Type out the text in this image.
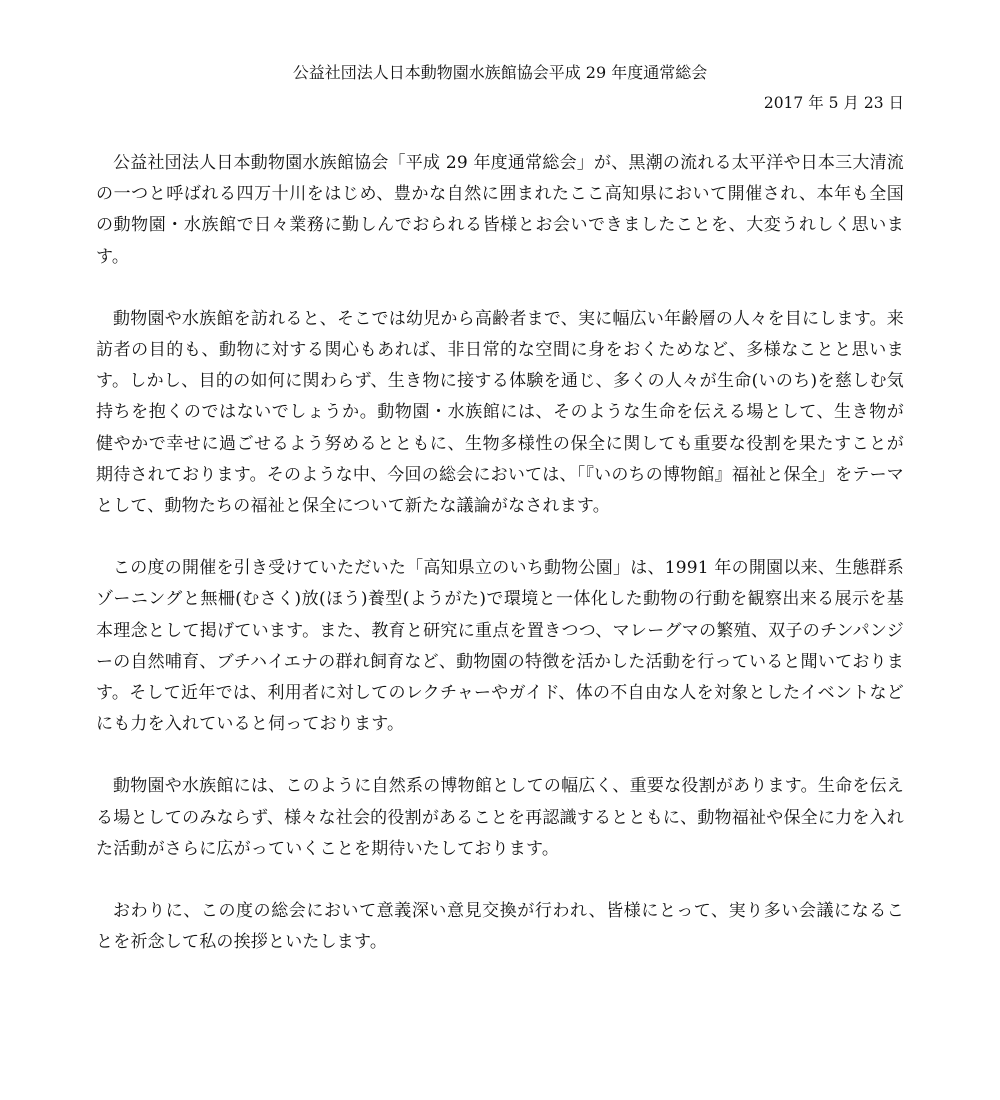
公益社団法人日本動物園水族館協会平成 29 年度通常総会
2017 年 5 月 23 日

公益社団法人日本動物園水族館協会「平成 29 年度通常総会」が、黒潮の流れる太平洋や日本三大清流の一つと呼ばれる四万十川をはじめ、豊かな自然に囲まれたここ高知県において開催され、本年も全国の動物園・水族館で日々業務に勤しんでおられる皆様とお会いできましたことを、大変うれしく思います。

動物園や水族館を訪れると、そこでは幼児から高齢者まで、実に幅広い年齢層の人々を目にします。来訪者の目的も、動物に対する関心もあれば、非日常的な空間に身をおくためなど、多様なことと思います。しかし、目的の如何に関わらず、生き物に接する体験を通じ、多くの人々が生命(いのち)を慈しむ気持ちを抱くのではないでしょうか。動物園・水族館には、そのような生命を伝える場として、生き物が健やかで幸せに過ごせるよう努めるとともに、生物多様性の保全に関しても重要な役割を果たすことが期待されております。そのような中、今回の総会においては、「『いのちの博物館』福祉と保全」をテーマとして、動物たちの福祉と保全について新たな議論がなされます。

この度の開催を引き受けていただいた「高知県立のいち動物公園」は、1991 年の開園以来、生態群系ゾーニングと無柵(むさく)放(ほう)養型(ようがた)で環境と一体化した動物の行動を観察出来る展示を基本理念として掲げています。また、教育と研究に重点を置きつつ、マレーグマの繁殖、双子のチンパンジーの自然哺育、ブチハイエナの群れ飼育など、動物園の特徴を活かした活動を行っていると聞いております。そして近年では、利用者に対してのレクチャーやガイド、体の不自由な人を対象としたイベントなどにも力を入れていると伺っております。

動物園や水族館には、このように自然系の博物館としての幅広く、重要な役割があります。生命を伝える場としてのみならず、様々な社会的役割があることを再認識するとともに、動物福祉や保全に力を入れた活動がさらに広がっていくことを期待いたしております。

おわりに、この度の総会において意義深い意見交換が行われ、皆様にとって、実り多い会議になることを祈念して私の挨拶といたします。
